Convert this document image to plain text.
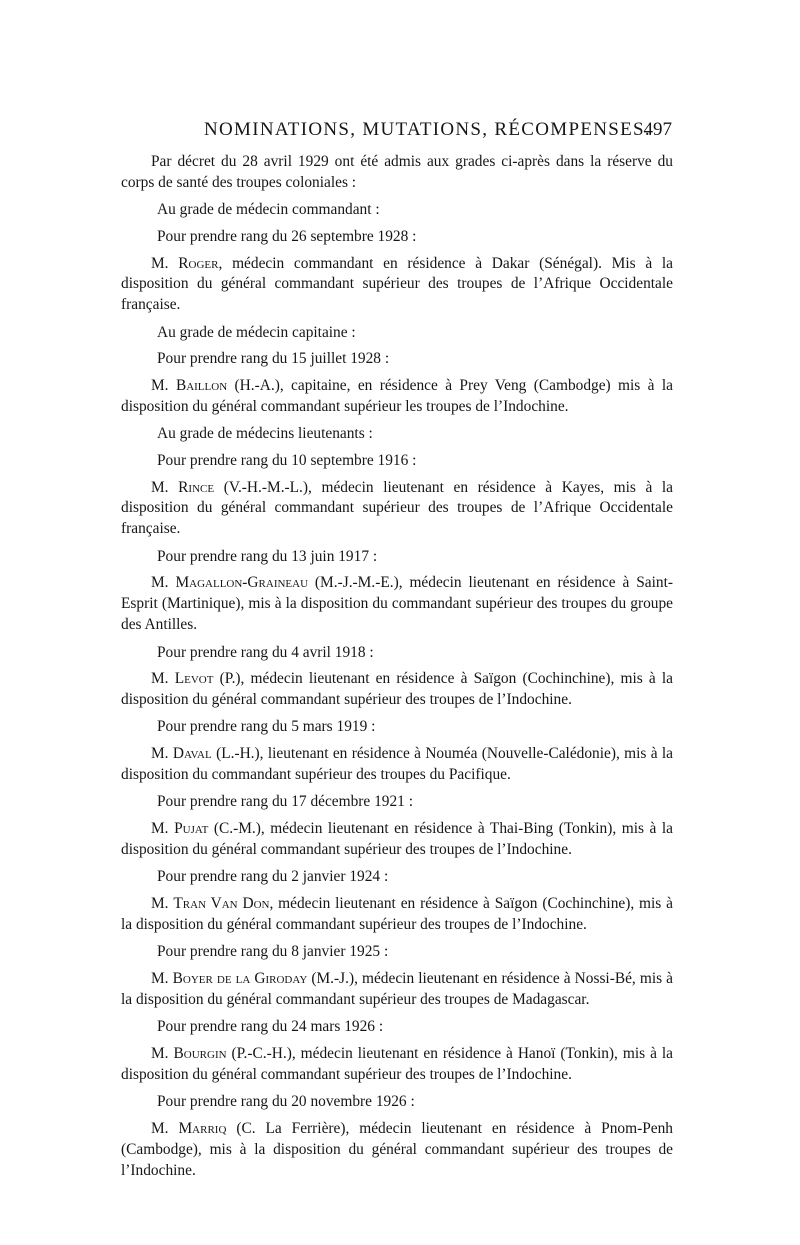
NOMINATIONS, MUTATIONS, RÉCOMPENSES.
497

Par décret du 28 avril 1929 ont été admis aux grades ci-après dans la réserve du corps de santé des troupes coloniales :

Au grade de médecin commandant :

Pour prendre rang du 26 septembre 1928 :

M. Roger, médecin commandant en résidence à Dakar (Sénégal). Mis à la disposition du général commandant supérieur des troupes de l’Afrique Occidentale française.

Au grade de médecin capitaine :

Pour prendre rang du 15 juillet 1928 :

M. Baillon (H.-A.), capitaine, en résidence à Prey Veng (Cambodge) mis à la disposition du général commandant supérieur les troupes de l’Indochine.

Au grade de médecins lieutenants :

Pour prendre rang du 10 septembre 1916 :

M. Rince (V.-H.-M.-L.), médecin lieutenant en résidence à Kayes, mis à la disposition du général commandant supérieur des troupes de l’Afrique Occidentale française.

Pour prendre rang du 13 juin 1917 :

M. Magallon-Graineau (M.-J.-M.-E.), médecin lieutenant en résidence à Saint-Esprit (Martinique), mis à la disposition du commandant supérieur des troupes du groupe des Antilles.

Pour prendre rang du 4 avril 1918 :

M. Levot (P.), médecin lieutenant en résidence à Saïgon (Cochinchine), mis à la disposition du général commandant supérieur des troupes de l’Indochine.

Pour prendre rang du 5 mars 1919 :

M. Daval (L.-H.), lieutenant en résidence à Nouméa (Nouvelle-Calédonie), mis à la disposition du commandant supérieur des troupes du Pacifique.

Pour prendre rang du 17 décembre 1921 :

M. Pujat (C.-M.), médecin lieutenant en résidence à Thai-Bing (Tonkin), mis à la disposition du général commandant supérieur des troupes de l’Indochine.

Pour prendre rang du 2 janvier 1924 :

M. Tran Van Don, médecin lieutenant en résidence à Saïgon (Cochinchine), mis à la disposition du général commandant supérieur des troupes de l’Indochine.

Pour prendre rang du 8 janvier 1925 :

M. Boyer de la Giroday (M.-J.), médecin lieutenant en résidence à Nossi-Bé, mis à la disposition du général commandant supérieur des troupes de Madagascar.

Pour prendre rang du 24 mars 1926 :

M. Bourgin (P.-C.-H.), médecin lieutenant en résidence à Hanoï (Tonkin), mis à la disposition du général commandant supérieur des troupes de l’Indochine.

Pour prendre rang du 20 novembre 1926 :

M. Marriq (C. La Ferrière), médecin lieutenant en résidence à Pnom-Penh (Cambodge), mis à la disposition du général commandant supérieur des troupes de l’Indochine.
